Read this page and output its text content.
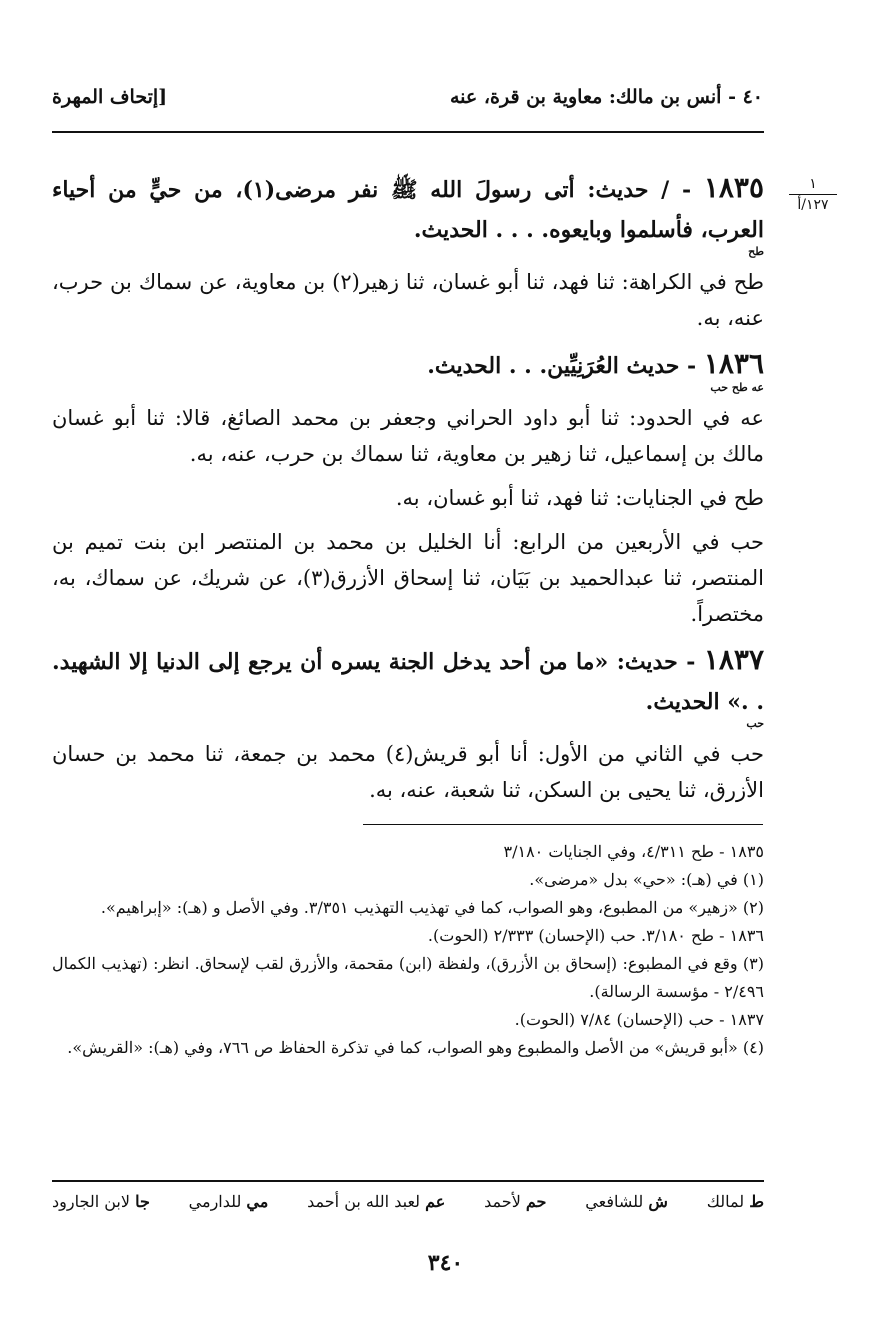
٤٠ - أنس بن مالك: معاوية بن قرة، عنه
[إتحاف المهرة
١
١٢٧/أ
١٨٣٥ - / حديث: أتى رسولَ الله ﷺ نفر مرضى(١)، من حيٍّ من أحياء العرب، فأسلموا وبايعوه. . . . الحديث.
طح

طح في الكراهة: ثنا فهد، ثنا أبو غسان، ثنا زهير(٢) بن معاوية، عن سماك بن حرب، عنه، به.

١٨٣٦ - حديث العُرَنِيِّين. . . الحديث.
عه طح حب

عه في الحدود: ثنا أبو داود الحراني وجعفر بن محمد الصائغ، قالا: ثنا أبو غسان مالك بن إسماعيل، ثنا زهير بن معاوية، ثنا سماك بن حرب، عنه، به.

طح في الجنايات: ثنا فهد، ثنا أبو غسان، به.

حب في الأربعين من الرابع: أنا الخليل بن محمد بن المنتصر ابن بنت تميم بن المنتصر، ثنا عبدالحميد بن بَيَان، ثنا إسحاق الأزرق(٣)، عن شريك، عن سماك، به، مختصراً.

١٨٣٧ - حديث: «ما من أحد يدخل الجنة يسره أن يرجع إلى الدنيا إلا الشهيد. . .» الحديث.
حب

حب في الثاني من الأول: أنا أبو قريش(٤) محمد بن جمعة، ثنا محمد بن حسان الأزرق، ثنا يحيى بن السكن، ثنا شعبة، عنه، به.

١٨٣٥ - طح ٤/٣١١، وفي الجنايات ٣/١٨٠

(١) في (هـ): «حي» بدل «مرضى».

(٢) «زهير» من المطبوع، وهو الصواب، كما في تهذيب التهذيب ٣/٣٥١. وفي الأصل و (هـ): «إبراهيم».

١٨٣٦ - طح ٣/١٨٠. حب (الإحسان) ٢/٣٣٣ (الحوت).

(٣) وقع في المطبوع: (إسحاق بن الأزرق)، ولفظة (ابن) مقحمة، والأزرق لقب لإسحاق. انظر: (تهذيب الكمال ٢/٤٩٦ - مؤسسة الرسالة).

١٨٣٧ - حب (الإحسان) ٧/٨٤ (الحوت).

(٤) «أبو قريش» من الأصل والمطبوع وهو الصواب، كما في تذكرة الحفاظ ص ٧٦٦، وفي (هـ): «القريش».

ط لمالك
ش للشافعي
حم لأحمد
عم لعبد الله بن أحمد
مي للدارمي
جا لابن الجارود
٣٤٠
